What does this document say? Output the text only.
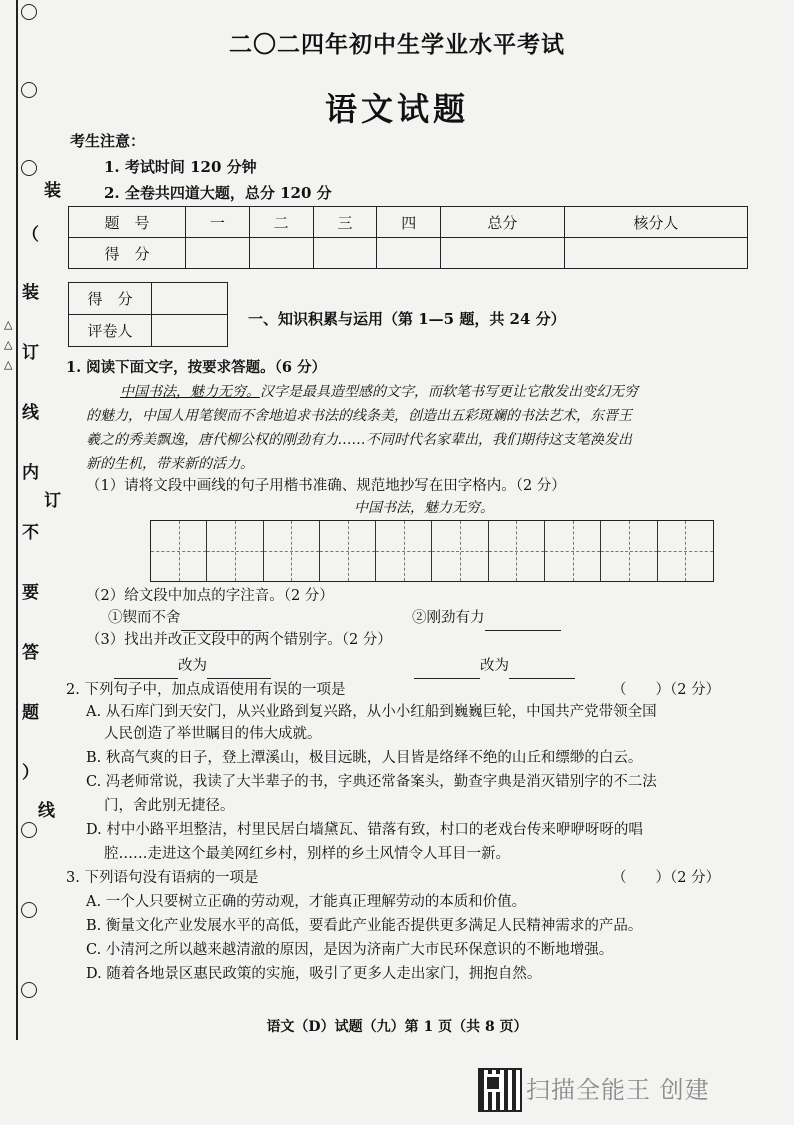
装
（
装
订
线
内
不
要
答
题
）
订
线
△
△
△
二〇二四年初中生学业水平考试
语文试题
考生注意：
1. 考试时间 120 分钟
2. 全卷共四道大题，总分 120 分
题　号	一	二	三	四	总分	核分人
得　分						
得　分	
评卷人	
一、知识积累与运用（第 1—5 题，共 24 分）
1. 阅读下面文字，按要求答题。（6 分）
中国书法，魅力无穷。汉字是最具造型感的文字，而软笔书写更让它散发出变幻无穷
的魅力，中国人用笔锲而不舍地追求书法的线条美，创造出五彩斑斓的书法艺术，东晋王
羲之的秀美飘逸，唐代柳公权的刚劲有力……不同时代名家辈出，我们期待这支笔涣发出
新的生机，带来新的活力。
（1）请将文段中画线的句子用楷书准确、规范地抄写在田字格内。（2 分）
中国书法，魅力无穷。
（2）给文段中加点的字注音。（2 分）
①锲而不舍	②刚劲有力
（3）找出并改正文段中的两个错别字。（2 分）
改为	改为
2. 下列句子中，加点成语使用有误的一项是	（　　）（2 分）
A. 从石库门到天安门，从兴业路到复兴路，从小小红船到巍巍巨轮，中国共产党带领全国
人民创造了举世瞩目的伟大成就。
B. 秋高气爽的日子，登上潭溪山，极目远眺，人目皆是络绎不绝的山丘和缥缈的白云。
C. 冯老师常说，我读了大半辈子的书，字典还常备案头，勤查字典是消灭错别字的不二法
门，舍此别无捷径。
D. 村中小路平坦整洁，村里民居白墙黛瓦、错落有致，村口的老戏台传来咿咿呀呀的唱
腔……走进这个最美网红乡村，别样的乡土风情令人耳目一新。
3. 下列语句没有语病的一项是	（　　）（2 分）
A. 一个人只要树立正确的劳动观，才能真正理解劳动的本质和价值。
B. 衡量文化产业发展水平的高低，要看此产业能否提供更多满足人民精神需求的产品。
C. 小清河之所以越来越清澈的原因，是因为济南广大市民环保意识的不断地增强。
D. 随着各地景区惠民政策的实施，吸引了更多人走出家门，拥抱自然。
语文（D）试题（九）第 1 页（共 8 页）
扫描全能王 创建
